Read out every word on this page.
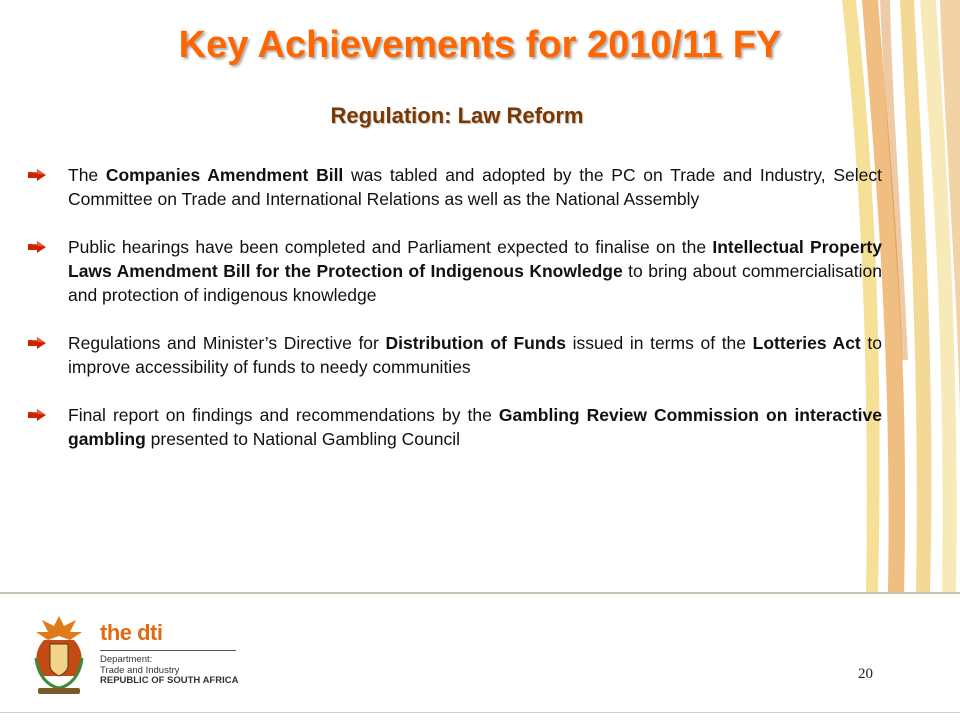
Key Achievements for 2010/11 FY
Regulation: Law Reform
The Companies Amendment Bill was tabled and adopted by the PC on Trade and Industry, Select Committee on Trade and International Relations as well as the National Assembly
Public hearings have been completed and Parliament expected to finalise on the Intellectual Property Laws Amendment Bill for the Protection of Indigenous Knowledge to bring about commercialisation and protection of indigenous knowledge
Regulations and Minister’s Directive for Distribution of Funds issued in terms of the Lotteries Act to improve accessibility of funds to needy communities
Final report on findings and recommendations by the Gambling Review Commission on interactive gambling presented to National Gambling Council
the dti
Department:
Trade and Industry
REPUBLIC OF SOUTH AFRICA	20
